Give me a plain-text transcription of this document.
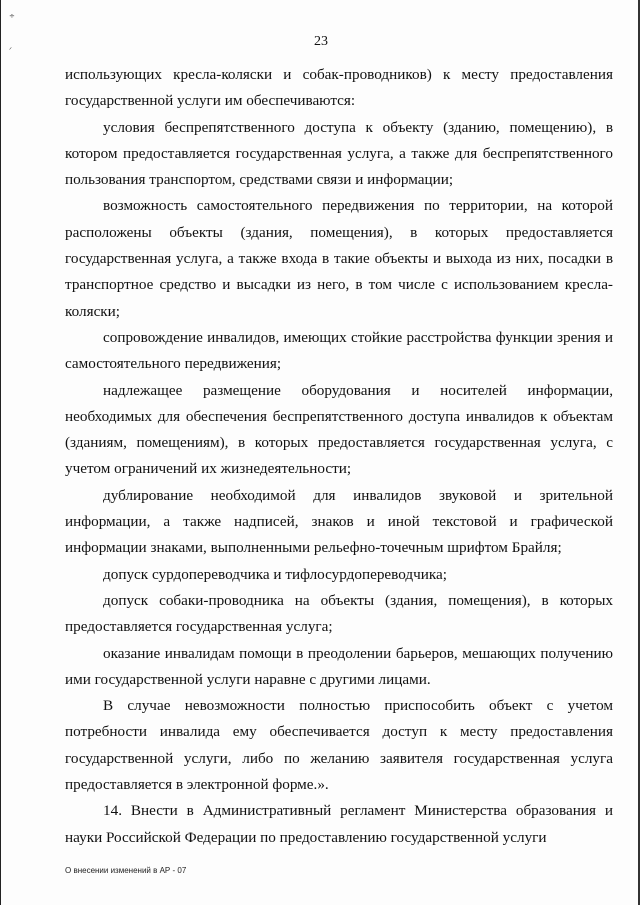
÷
ᐟ
23

использующих кресла-коляски и собак-проводников) к месту предоставления государственной услуги им обеспечиваются:

условия беспрепятственного доступа к объекту (зданию, помещению), в котором предоставляется государственная услуга, а также для беспрепятственного пользования транспортом, средствами связи и информации;

возможность самостоятельного передвижения по территории, на которой расположены объекты (здания, помещения), в которых предоставляется государственная услуга, а также входа в такие объекты и выхода из них, посадки в транспортное средство и высадки из него, в том числе с использованием кресла-коляски;

сопровождение инвалидов, имеющих стойкие расстройства функции зрения и самостоятельного передвижения;

надлежащее размещение оборудования и носителей информации, необходимых для обеспечения беспрепятственного доступа инвалидов к объектам (зданиям, помещениям), в которых предоставляется государственная услуга, с учетом ограничений их жизнедеятельности;

дублирование необходимой для инвалидов звуковой и зрительной информации, а также надписей, знаков и иной текстовой и графической информации знаками, выполненными рельефно-точечным шрифтом Брайля;

допуск сурдопереводчика и тифлосурдопереводчика;

допуск собаки-проводника на объекты (здания, помещения), в которых предоставляется государственная услуга;

оказание инвалидам помощи в преодолении барьеров, мешающих получению ими государственной услуги наравне с другими лицами.

В случае невозможности полностью приспособить объект с учетом потребности инвалида ему обеспечивается доступ к месту предоставления государственной услуги, либо по желанию заявителя государственная услуга предоставляется в электронной форме.».

14. Внести в Административный регламент Министерства образования и науки Российской Федерации по предоставлению государственной услуги

О внесении изменений в АР - 07
